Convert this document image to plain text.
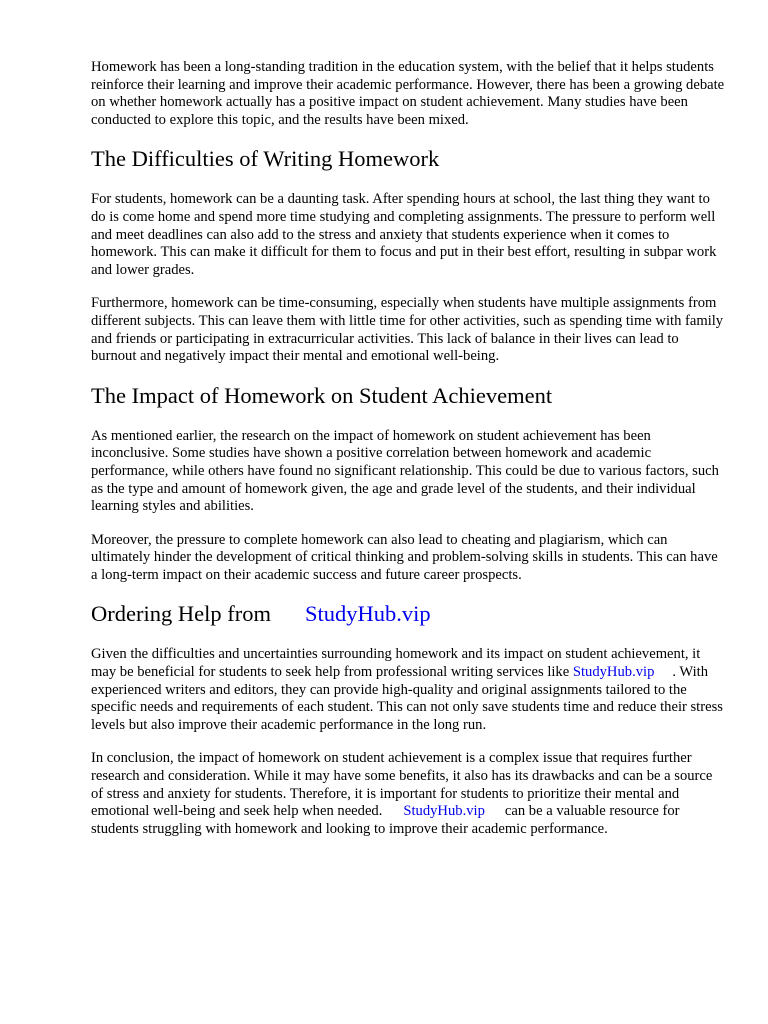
Homework has been a long-standing tradition in the education system, with the belief that it helps students reinforce their learning and improve their academic performance. However, there has been a growing debate on whether homework actually has a positive impact on student achievement. Many studies have been conducted to explore this topic, and the results have been mixed.

The Difficulties of Writing Homework

For students, homework can be a daunting task. After spending hours at school, the last thing they want to do is come home and spend more time studying and completing assignments. The pressure to perform well and meet deadlines can also add to the stress and anxiety that students experience when it comes to homework. This can make it difficult for them to focus and put in their best effort, resulting in subpar work and lower grades.

Furthermore, homework can be time-consuming, especially when students have multiple assignments from different subjects. This can leave them with little time for other activities, such as spending time with family and friends or participating in extracurricular activities. This lack of balance in their lives can lead to burnout and negatively impact their mental and emotional well-being.

The Impact of Homework on Student Achievement

As mentioned earlier, the research on the impact of homework on student achievement has been inconclusive. Some studies have shown a positive correlation between homework and academic performance, while others have found no significant relationship. This could be due to various factors, such as the type and amount of homework given, the age and grade level of the students, and their individual learning styles and abilities.

Moreover, the pressure to complete homework can also lead to cheating and plagiarism, which can ultimately hinder the development of critical thinking and problem-solving skills in students. This can have a long-term impact on their academic success and future career prospects.

Ordering Help from StudyHub.vip

Given the difficulties and uncertainties surrounding homework and its impact on student achievement, it may be beneficial for students to seek help from professional writing services like StudyHub.vip . With experienced writers and editors, they can provide high-quality and original assignments tailored to the specific needs and requirements of each student. This can not only save students time and reduce their stress levels but also improve their academic performance in the long run.

In conclusion, the impact of homework on student achievement is a complex issue that requires further research and consideration. While it may have some benefits, it also has its drawbacks and can be a source of stress and anxiety for students. Therefore, it is important for students to prioritize their mental and emotional well-being and seek help when needed. StudyHub.vip can be a valuable resource for students struggling with homework and looking to improve their academic performance.
